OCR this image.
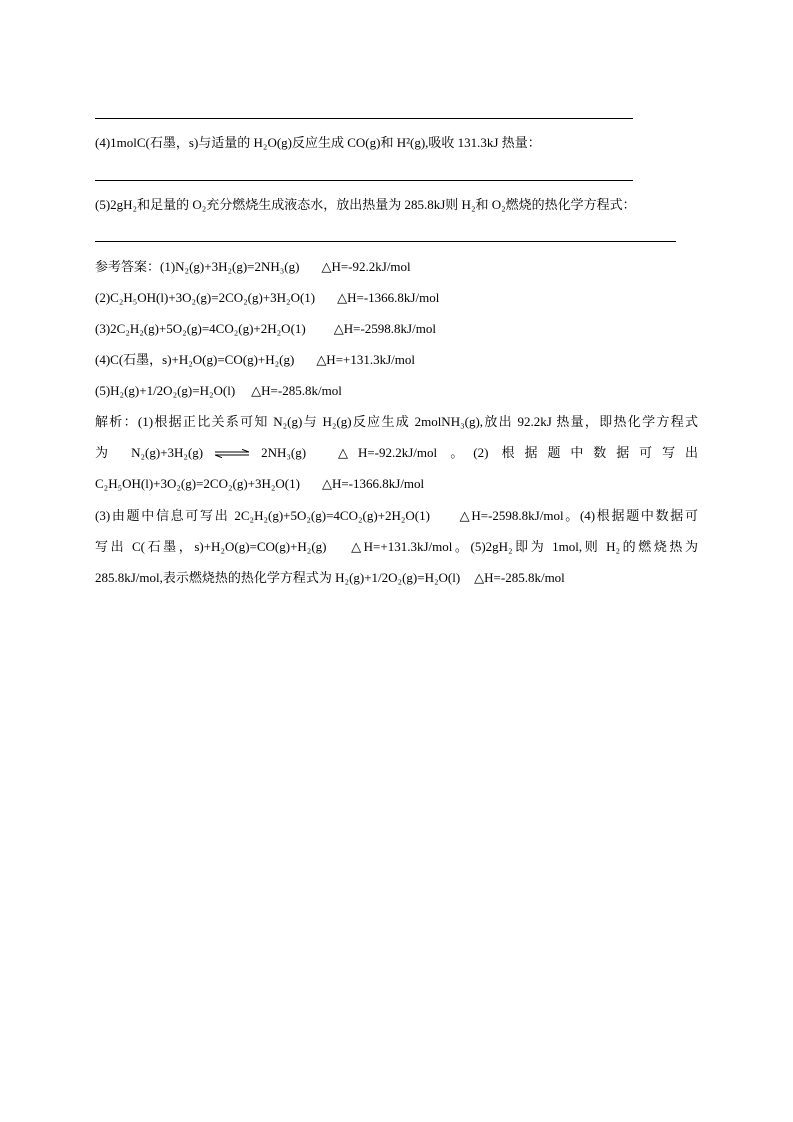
(4)1molC(石墨，s)与适量的 H₂O(g)反应生成 CO(g)和 H²(g),吸收 131.3kJ 热量：
(5)2gH₂和足量的 O₂充分燃烧生成液态水，放出热量为 285.8kJ则 H₂和 O₂燃烧的热化学方程式：
参考答案：(1)N₂(g)+3H₂(g)=2NH₃(g) △H=-92.2kJ/mol
(2)C₂H₅OH(l)+3O₂(g)=2CO₂(g)+3H₂O(1) △H=-1366.8kJ/mol
(3)2C₂H₂(g)+5O₂(g)=4CO₂(g)+2H₂O(1) △H=-2598.8kJ/mol
(4)C(石墨，s)+H₂O(g)=CO(g)+H₂(g) △H=+131.3kJ/mol
(5)H₂(g)+1/2O₂(g)=H₂O(l) △H=-285.8k/mol
解析：(1)根据正比关系可知 N₂(g)与 H₂(g)反应生成 2molNH₃(g),放出 92.2kJ 热量，即热化学方程式
为 N₂(g)+3H₂(g) ⇌ 2NH₃(g) △H=-92.2kJ/mol 。(2) 根据题中数据可写出
C₂H₅OH(l)+3O₂(g)=2CO₂(g)+3H₂O(1) △H=-1366.8kJ/mol
(3)由题中信息可写出 2C₂H₂(g)+5O₂(g)=4CO₂(g)+2H₂O(1) △H=-2598.8kJ/mol。(4)根据题中数据可
写出 C(石墨，s)+H₂O(g)=CO(g)+H₂(g) △H=+131.3kJ/mol。(5)2gH₂即为 1mol,则 H₂的燃烧热为
285.8kJ/mol,表示燃烧热的热化学方程式为 H₂(g)+1/2O₂(g)=H₂O(l) △H=-285.8k/mol
